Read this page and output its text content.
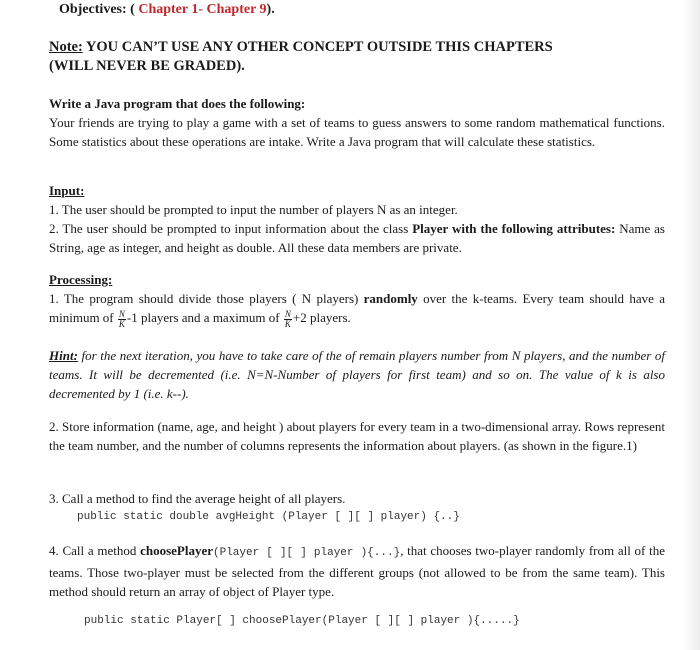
Objectives: ( Chapter 1- Chapter 9).
Note: YOU CAN’T USE ANY OTHER CONCEPT OUTSIDE THIS CHAPTERS
(WILL NEVER BE GRADED).
Write a Java program that does the following:
Your friends are trying to play a game with a set of teams to guess answers to some random mathematical functions. Some statistics about these operations are intake. Write a Java program that will calculate these statistics.
Input:
1. The user should be prompted to input the number of players N as an integer.
2. The user should be prompted to input information about the class Player with the following attributes: Name as String, age as integer, and height as double. All these data members are private.
Processing:
1. The program should divide those players ( N players) randomly over the k-teams. Every team should have a minimum of $\frac{N}{K} -1$ players and a maximum of $\frac{N}{K} +2$ players.
Hint: for the next iteration, you have to take care of the of remain players number from N players, and the number of teams. It will be decremented (i.e. N=N-Number of players for first team) and so on. The value of k is also decremented by 1 (i.e. k--).
2. Store information (name, age, and height ) about players for every team in a two-dimensional array. Rows represent the team number, and the number of columns represents the information about players. (as shown in the figure.1)
3. Call a method to find the average height of all players.
public static double avgHeight (Player [ ][ ] player) {..}
4. Call a method choosePlayer(Player [ ][ ] player ){...}, that chooses two-player randomly from all of the teams. Those two-player must be selected from the different groups (not allowed to be from the same team). This method should return an array of object of Player type.
public static Player[ ] choosePlayer(Player [ ][ ] player ){.....}
